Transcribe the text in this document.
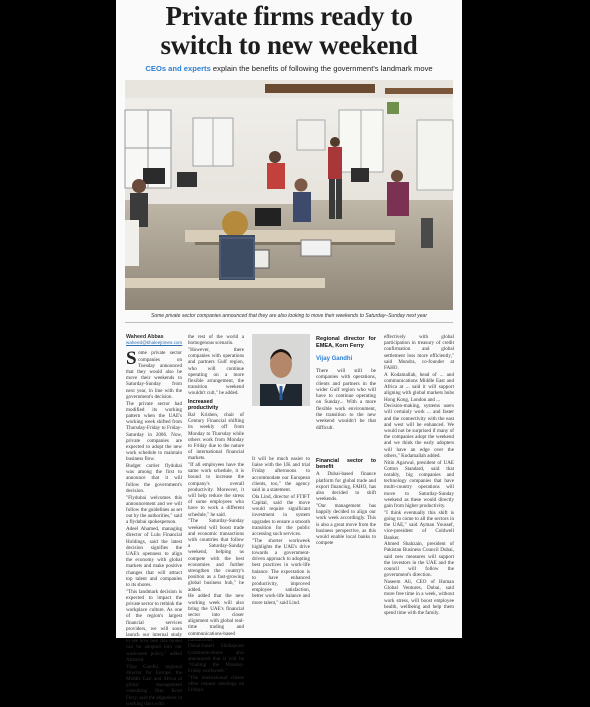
Private firms ready to
switch to new weekend
CEOs and experts explain the benefits of following the government's landmark move
Some private sector companies announced that they are also looking to move their weekends to Saturday–Sunday next year
Waheed Abbas
waheed@khaleejtimes.com

Some private sector companies on Tuesday announced that they would also be move their weekends to Saturday-Sunday from next year, in line with the government's decision.

The private sector had modified its working pattern when the UAE's working week shifted from Thursday-Friday to Friday-Saturday in 2006. Now, private companies are expected to adopt the new work schedule to maintain business flow.

Budget carrier flydubai was among the first to announce that it will follow the government's decision.

"Flydubai welcomes this announcement and we will follow the guidelines as set out by the authorities," said a flydubai spokesperson.

Adeel Ahamed, managing director of Lulu Financial Holdings, said the latest decision signifies the UAE's openness to align the economy with global markets and make positive changes that will attract top talent and companies to its shores.

"This landmark decision is expected to impact the private sector to rethink the workplace culture. As one of the region's largest financial services providers, we will soon launch our internal study to see how best this model can be adopted into our workweek policy," added Ahamed.

Vijay Gandhi, regional director for Europe, the Middle East and Africa at global management consulting firm Korn Ferry, said the alignment in working days with

the rest of the world a homogenous scenario.

"However, there companies with operations and partners Gulf region, who will continue operating on a more flexible arrangement, the transition weekend wouldn't cult," he added.

Increased productivity

Bal Krishen, chair of Century Financial shifting its weekly off from Monday to Thursday while others work from Monday to Friday due to the nature of international financial markets.

"If all employees have the same work schedule, it is bound to increase the company's overall productivity. Moreover, it will help reduce the stress of some employees who have to work a different schedule," he said.

"The Saturday-Sunday weekend will boost trade and economic transactions with countries that follow a Saturday-Sunday weekend, helping us compete with the best economies and further strengthen the country's position as a fast-growing global business hub," he added.

He added that the new working week will also bring the UAE's financial sector into closer alignment with global real-time trading and communications-based transactions.

Dubai-based Shobapram Communications also announced that it will be "trialling the Monday-Friday workweek."

"The international clients often request meetings on Fridays.

Regional director for EMEA, Korn Ferry
Vijay Gandhi
There will still be companies with operations, clients and partners in the wider Gulf region who will have to continue operating on Sunday... With a more flexible work environment, the transition to the new weekend wouldn't be that difficult.

It will be much easier to liaise with the UK and trial Friday afternoons to accommodate our European clients, too," the agency said in a statement.

Ola Lind, director of FTIFT Capital, said the move would require significant investment in system upgrades to ensure a smooth transition for the public accessing such services.

"The shorter workweek highlights the UAE's drive towards a government-driven approach to adopting best practices in work-life balance. The expectation is to have enhanced productivity, improved employee satisfaction, better work-life balance and more talent," said Lind.

Financial sector to benefit

A Dubai-based finance platform for global trade and export financing, FAHO, has also decided to shift weekends.

"Our management has happily decided to align our work week accordingly. This is also a great move from the business perspective, as this would enable local banks to compete

effectively with global participation in treasury of credit confirmation and global settlement loss more efficiently," said Mundra, co-founder at FAHO.

A Kodamallah, head of ... and communications Middle East and Africa at ... said it will support aligning with global markets hubs Hong Kong, London and ...

Decision-making, systems users will certainly work ... and faster and the connectivity with the east and west will be enhanced. We would not be surprised if many of the companies adopt the weekend and we think the early adopters will have an edge over the others," Kodamallah added.

Nitin Agarwal, president of UAE Cotton Standard, said that notably, big companies and technology companies that have multi-country operations will move to Saturday-Sunday weekend as these would directly gain from higher productivity.

"I think eventually this shift is going to come to all the sectors in the UAE," said Ayman Youssef, vice-president of Coldwell Banker.

Ahmed Shahzain, president of Pakistan Business Council Dubai, said new measures will support the investors in the UAE and the council will follow the government's direction.

Naseem Ali, CEO of Human Global Ventures, Dubai, said more free time in a week, without work stress, will boost employee health, wellbeing and help them spend time with the family.
